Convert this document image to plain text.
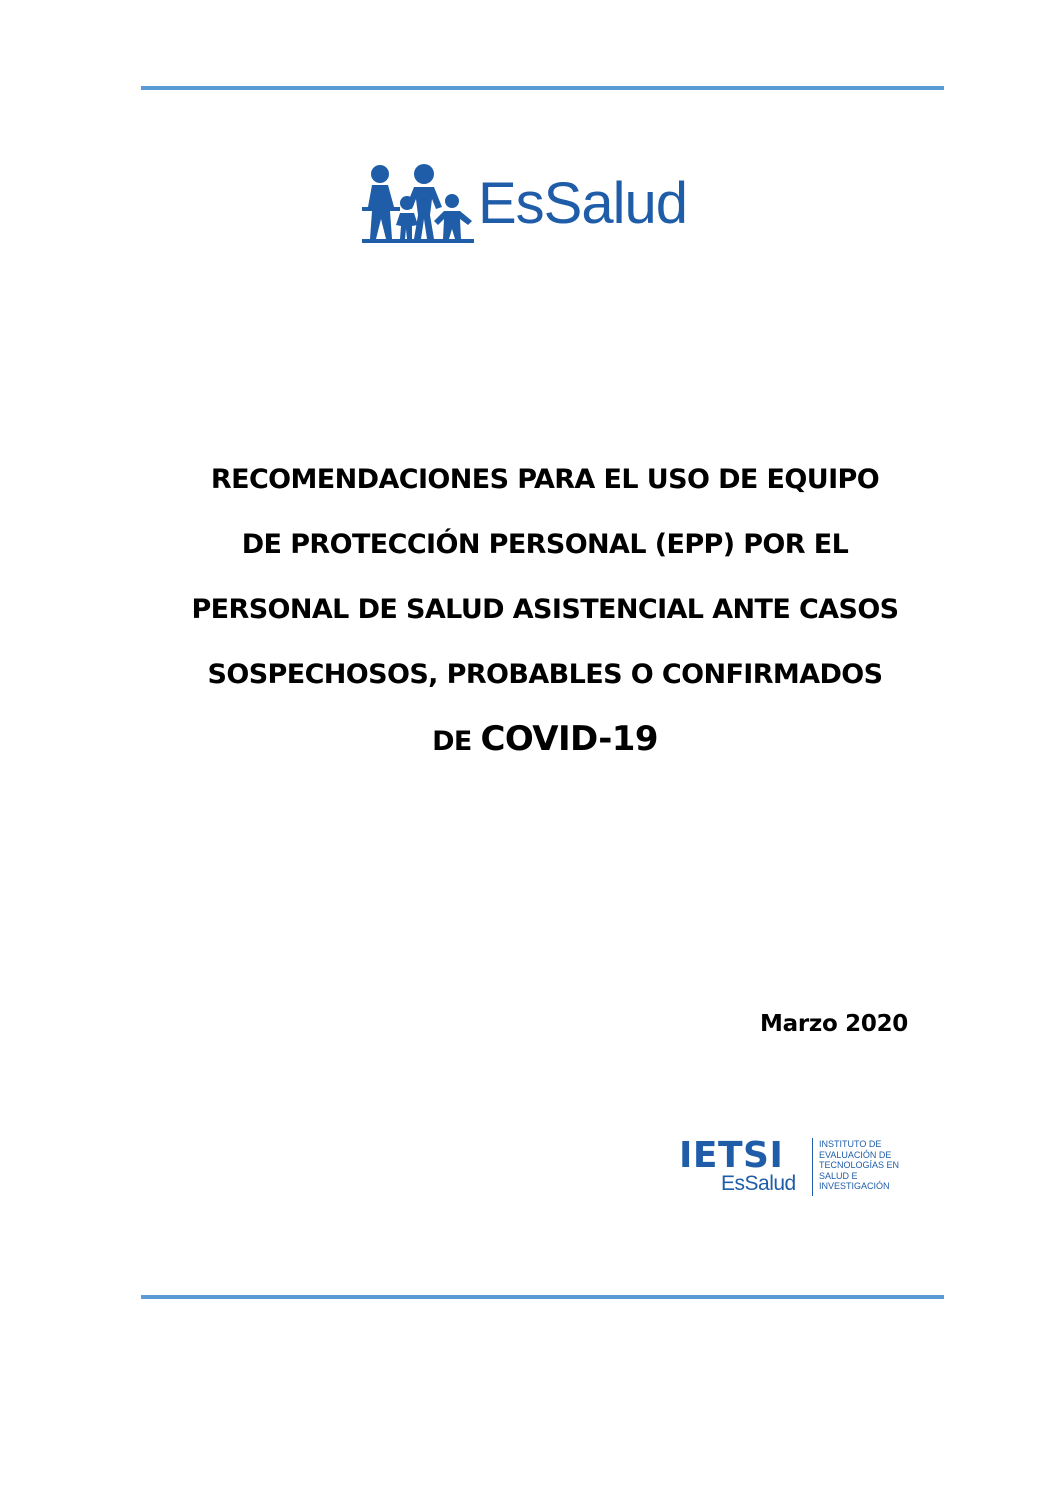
EsSalud
RECOMENDACIONES PARA EL USO DE EQUIPO
DE PROTECCIÓN PERSONAL (EPP) POR EL
PERSONAL DE SALUD ASISTENCIAL ANTE CASOS
SOSPECHOSOS, PROBABLES O CONFIRMADOS
DE COVID-19
Marzo 2020
IETSI
EsSalud
INSTITUTO DE
EVALUACIÓN DE
TECNOLOGÍAS EN
SALUD E
INVESTIGACIÓN
